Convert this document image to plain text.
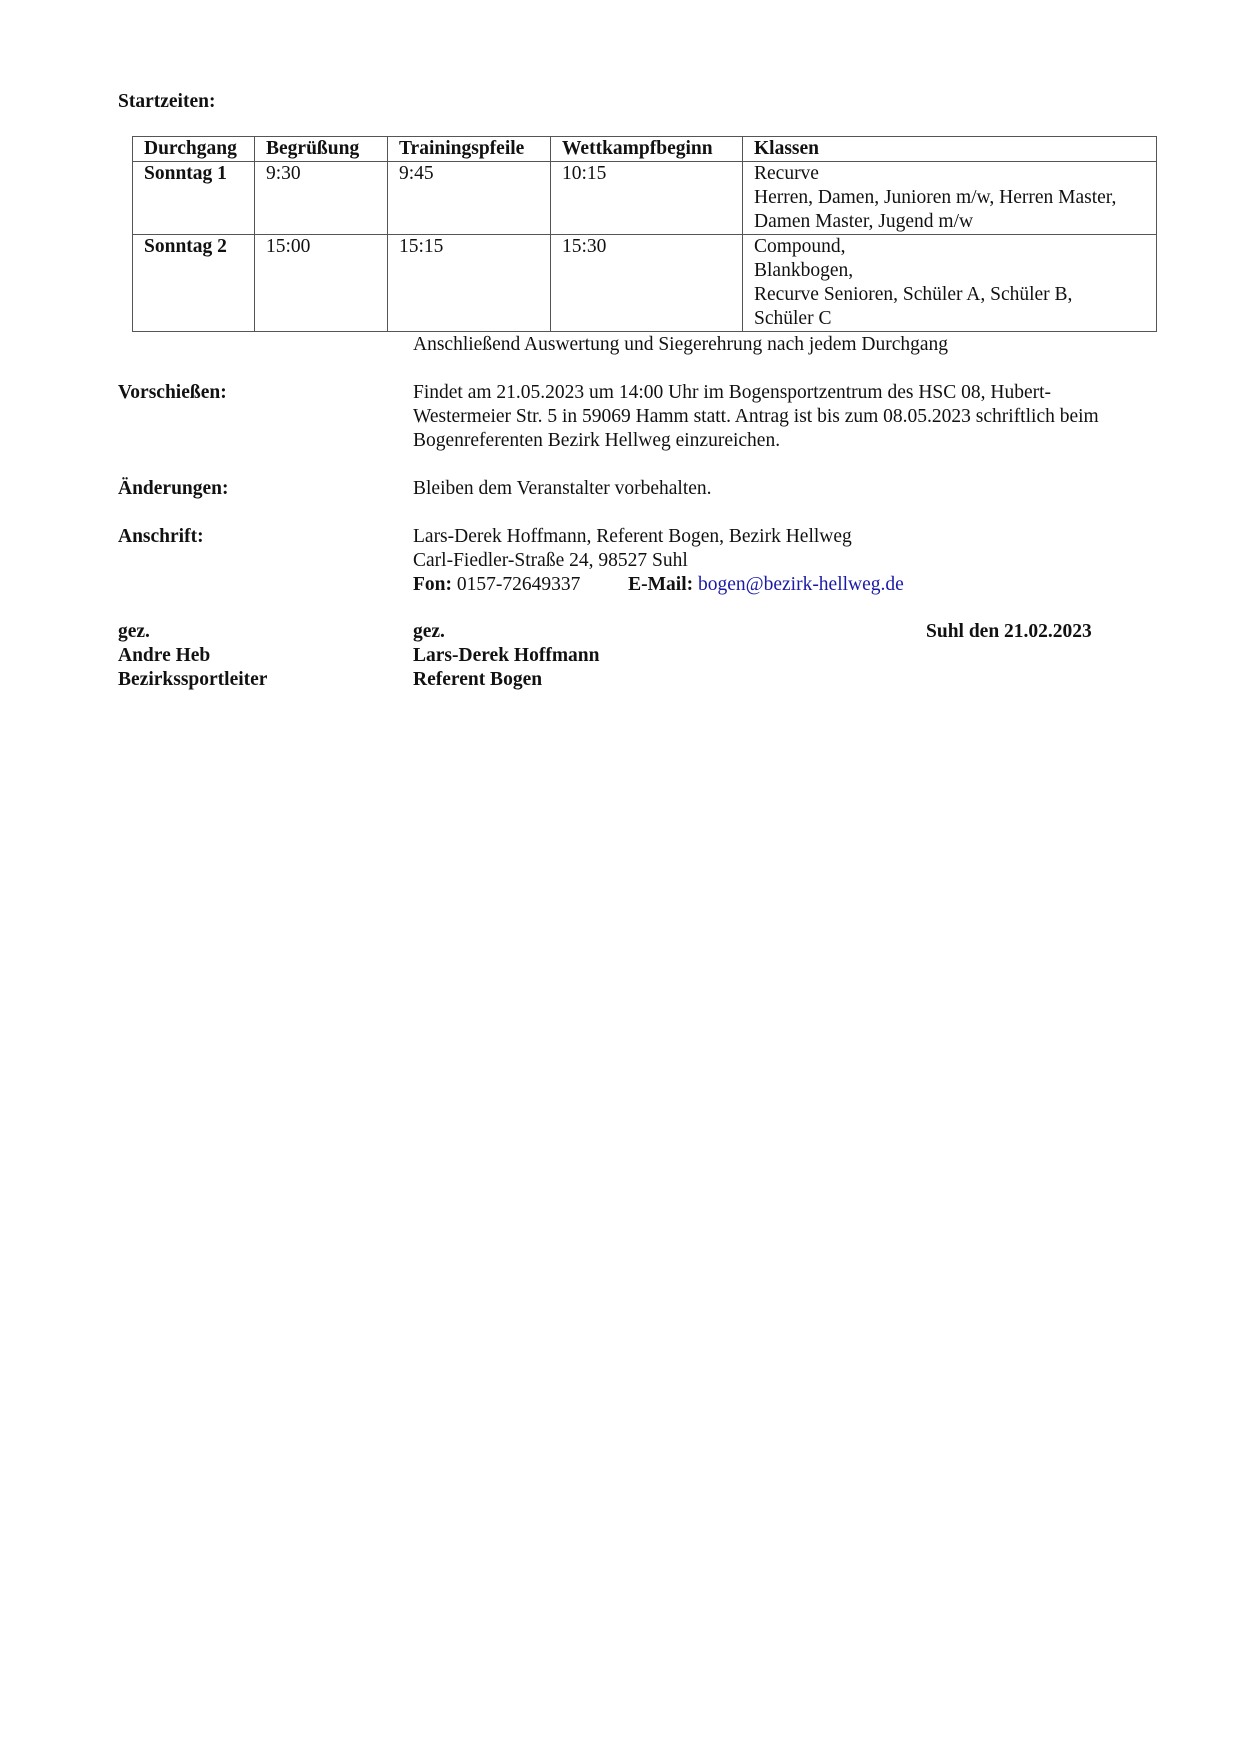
Startzeiten:
Durchgang	Begrüßung	Trainingspfeile	Wettkampfbeginn	Klassen
Sonntag 1	9:30	9:45	10:15	Recurve
Herren, Damen, Junioren m/w, Herren Master,
Damen Master, Jugend m/w

Sonntag 2	15:00	15:15	15:30	Compound,
Blankbogen,
Recurve Senioren, Schüler A, Schüler B,
Schüler C
Anschließend Auswertung und Siegerehrung nach jedem Durchgang
Vorschießen:	Findet am 21.05.2023 um 14:00 Uhr im Bogensportzentrum des HSC 08, Hubert-
Westermeier Str. 5 in 59069 Hamm statt. Antrag ist bis zum 08.05.2023 schriftlich beim
Bogenreferenten Bezirk Hellweg einzureichen.
Änderungen:	Bleiben dem Veranstalter vorbehalten.
Anschrift:	Lars-Derek Hoffmann, Referent Bogen, Bezirk Hellweg
Carl-Fiedler-Straße 24, 98527 Suhl
Fon: 0157-72649337 E-Mail: bogen@bezirk-hellweg.de
gez.
Andre Heb
Bezirkssportleiter
gez.
Lars-Derek Hoffmann
Referent Bogen
Suhl den 21.02.2023
